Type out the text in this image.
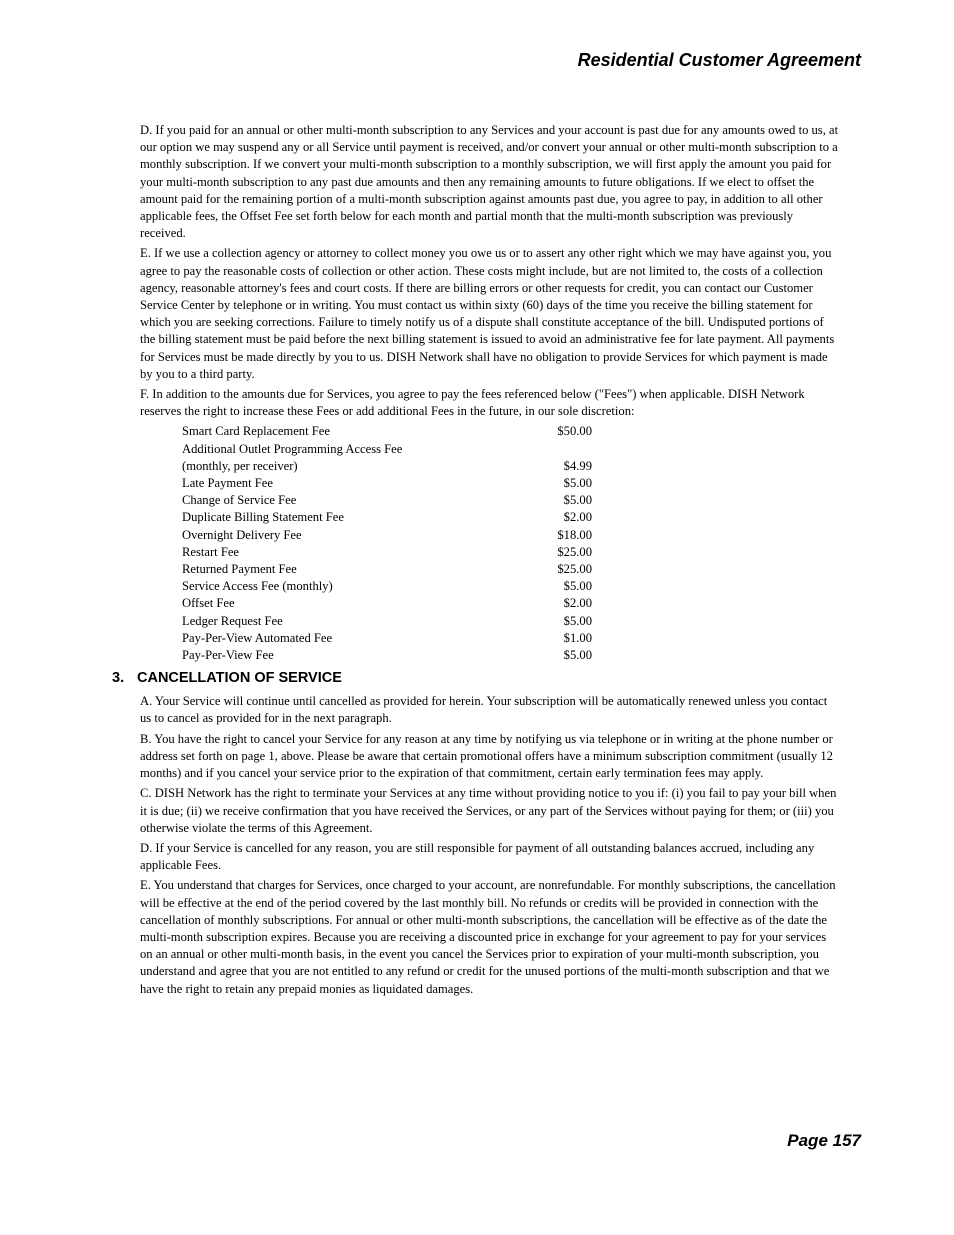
Residential Customer Agreement

D. If you paid for an annual or other multi-month subscription to any Services and your account is past due for any amounts owed to us, at our option we may suspend any or all Service until payment is received, and/or convert your annual or other multi-month subscription to a monthly subscription. If we convert your multi-month subscription to a monthly subscription, we will first apply the amount you paid for your multi-month subscription to any past due amounts and then any remaining amounts to future obligations. If we elect to offset the amount paid for the remaining portion of a multi-month subscription against amounts past due, you agree to pay, in addition to all other applicable fees, the Offset Fee set forth below for each month and partial month that the multi-month subscription was previously received.

E. If we use a collection agency or attorney to collect money you owe us or to assert any other right which we may have against you, you agree to pay the reasonable costs of collection or other action. These costs might include, but are not limited to, the costs of a collection agency, reasonable attorney's fees and court costs. If there are billing errors or other requests for credit, you can contact our Customer Service Center by telephone or in writing. You must contact us within sixty (60) days of the time you receive the billing statement for which you are seeking corrections. Failure to timely notify us of a dispute shall constitute acceptance of the bill. Undisputed portions of the billing statement must be paid before the next billing statement is issued to avoid an administrative fee for late payment. All payments for Services must be made directly by you to us. DISH Network shall have no obligation to provide Services for which payment is made by you to a third party.

F. In addition to the amounts due for Services, you agree to pay the fees referenced below ("Fees") when applicable. DISH Network reserves the right to increase these Fees or add additional Fees in the future, in our sole discretion:

Smart Card Replacement Fee	$50.00
Additional Outlet Programming Access Fee
(monthly, per receiver)	$4.99
Late Payment Fee	$5.00
Change of Service Fee	$5.00
Duplicate Billing Statement Fee	$2.00
Overnight Delivery Fee	$18.00
Restart Fee	$25.00
Returned Payment Fee	$25.00
Service Access Fee (monthly)	$5.00
Offset Fee	$2.00
Ledger Request Fee	$5.00
Pay-Per-View Automated Fee	$1.00
Pay-Per-View Fee	$5.00
3. CANCELLATION OF SERVICE

A. Your Service will continue until cancelled as provided for herein. Your subscription will be automatically renewed unless you contact us to cancel as provided for in the next paragraph.

B. You have the right to cancel your Service for any reason at any time by notifying us via telephone or in writing at the phone number or address set forth on page 1, above. Please be aware that certain promotional offers have a minimum subscription commitment (usually 12 months) and if you cancel your service prior to the expiration of that commitment, certain early termination fees may apply.

C. DISH Network has the right to terminate your Services at any time without providing notice to you if: (i) you fail to pay your bill when it is due; (ii) we receive confirmation that you have received the Services, or any part of the Services without paying for them; or (iii) you otherwise violate the terms of this Agreement.

D. If your Service is cancelled for any reason, you are still responsible for payment of all outstanding balances accrued, including any applicable Fees.

E. You understand that charges for Services, once charged to your account, are nonrefundable. For monthly subscriptions, the cancellation will be effective at the end of the period covered by the last monthly bill. No refunds or credits will be provided in connection with the cancellation of monthly subscriptions. For annual or other multi-month subscriptions, the cancellation will be effective as of the date the multi-month subscription expires. Because you are receiving a discounted price in exchange for your agreement to pay for your services on an annual or other multi-month basis, in the event you cancel the Services prior to expiration of your multi-month subscription, you understand and agree that you are not entitled to any refund or credit for the unused portions of the multi-month subscription and that we have the right to retain any prepaid monies as liquidated damages.

Page 157
